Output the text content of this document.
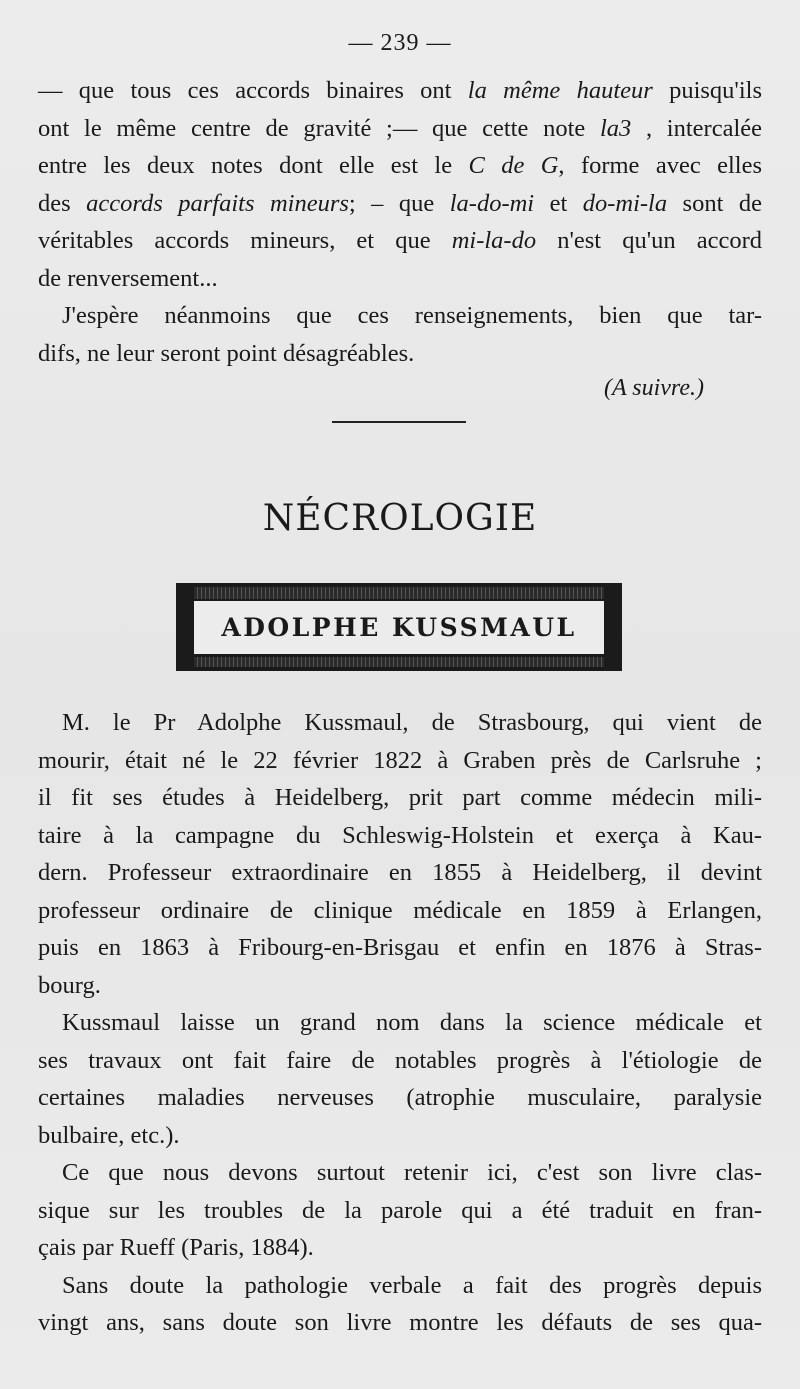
— 239 —
— que tous ces accords binaires ont la même hauteur puisqu'ils
ont le même centre de gravité ;— que cette note la3 , intercalée
entre les deux notes dont elle est le C de G, forme avec elles
des accords parfaits mineurs; – que la-do-mi et do-mi-la sont de
véritables accords mineurs, et que mi-la-do n'est qu'un accord
de renversement...
J'espère néanmoins que ces renseignements, bien que tar-
difs, ne leur seront point désagréables.
(A suivre.)
NÉCROLOGIE
ADOLPHE KUSSMAUL
M. le Pr Adolphe Kussmaul, de Strasbourg, qui vient de
mourir, était né le 22 février 1822 à Graben près de Carlsruhe ;
il fit ses études à Heidelberg, prit part comme médecin mili-
taire à la campagne du Schleswig-Holstein et exerça à Kau-
dern. Professeur extraordinaire en 1855 à Heidelberg, il devint
professeur ordinaire de clinique médicale en 1859 à Erlangen,
puis en 1863 à Fribourg-en-Brisgau et enfin en 1876 à Stras-
bourg.
Kussmaul laisse un grand nom dans la science médicale et
ses travaux ont fait faire de notables progrès à l'étiologie de
certaines maladies nerveuses (atrophie musculaire, paralysie
bulbaire, etc.).
Ce que nous devons surtout retenir ici, c'est son livre clas-
sique sur les troubles de la parole qui a été traduit en fran-
çais par Rueff (Paris, 1884).
Sans doute la pathologie verbale a fait des progrès depuis
vingt ans, sans doute son livre montre les défauts de ses qua-
